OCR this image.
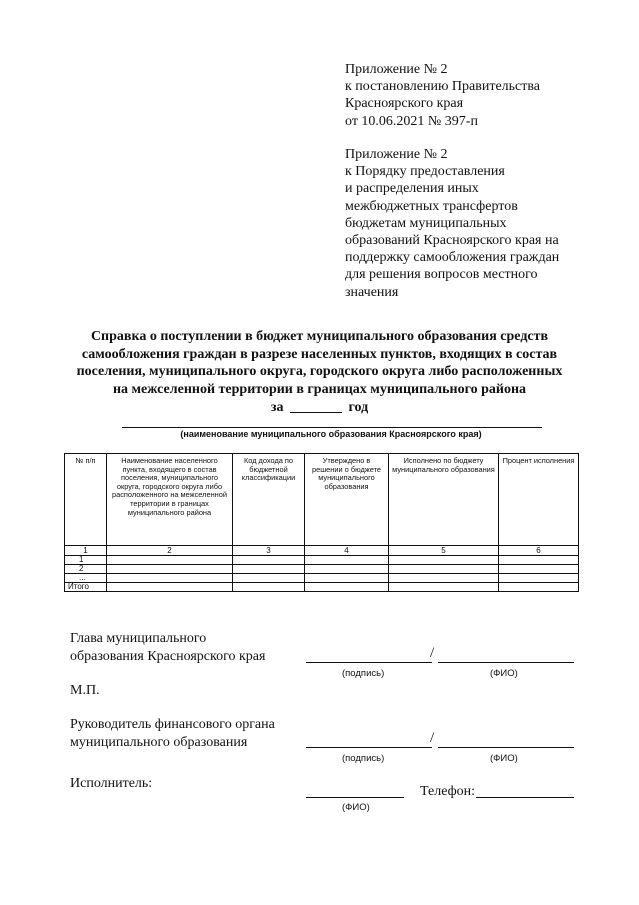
Приложение № 2
к постановлению Правительства
Красноярского края
от 10.06.2021 № 397-п
Приложение № 2
к Порядку предоставления
и распределения иных
межбюджетных трансфертов
бюджетам муниципальных
образований Красноярского края на
поддержку самообложения граждан
для решения вопросов местного
значения
Справка о поступлении в бюджет муниципального образования средств
самообложения граждан в разрезе населенных пунктов, входящих в состав
поселения, муниципального округа, городского округа либо расположенных
на межселенной территории в границах муниципального района
за	год
(наименование муниципального образования Красноярского края)
№ п/п	Наименование населенного пункта, входящего в состав поселения, муниципального округа, городского округа либо расположенного на межселенной территории в границах муниципального района	Код дохода по бюджетной классификации	Утверждено в решении о бюджете муниципального образования	Исполнено по бюджету муниципального образования	Процент исполнения
1	2	3	4	5	6
1					
2					
...					
Итого					
Глава муниципального
образования Красноярского края	/
(подпись)	(ФИО)
М.П.
Руководитель финансового органа
муниципального образования	/
(подпись)	(ФИО)
Исполнитель:
(ФИО)
Телефон:
